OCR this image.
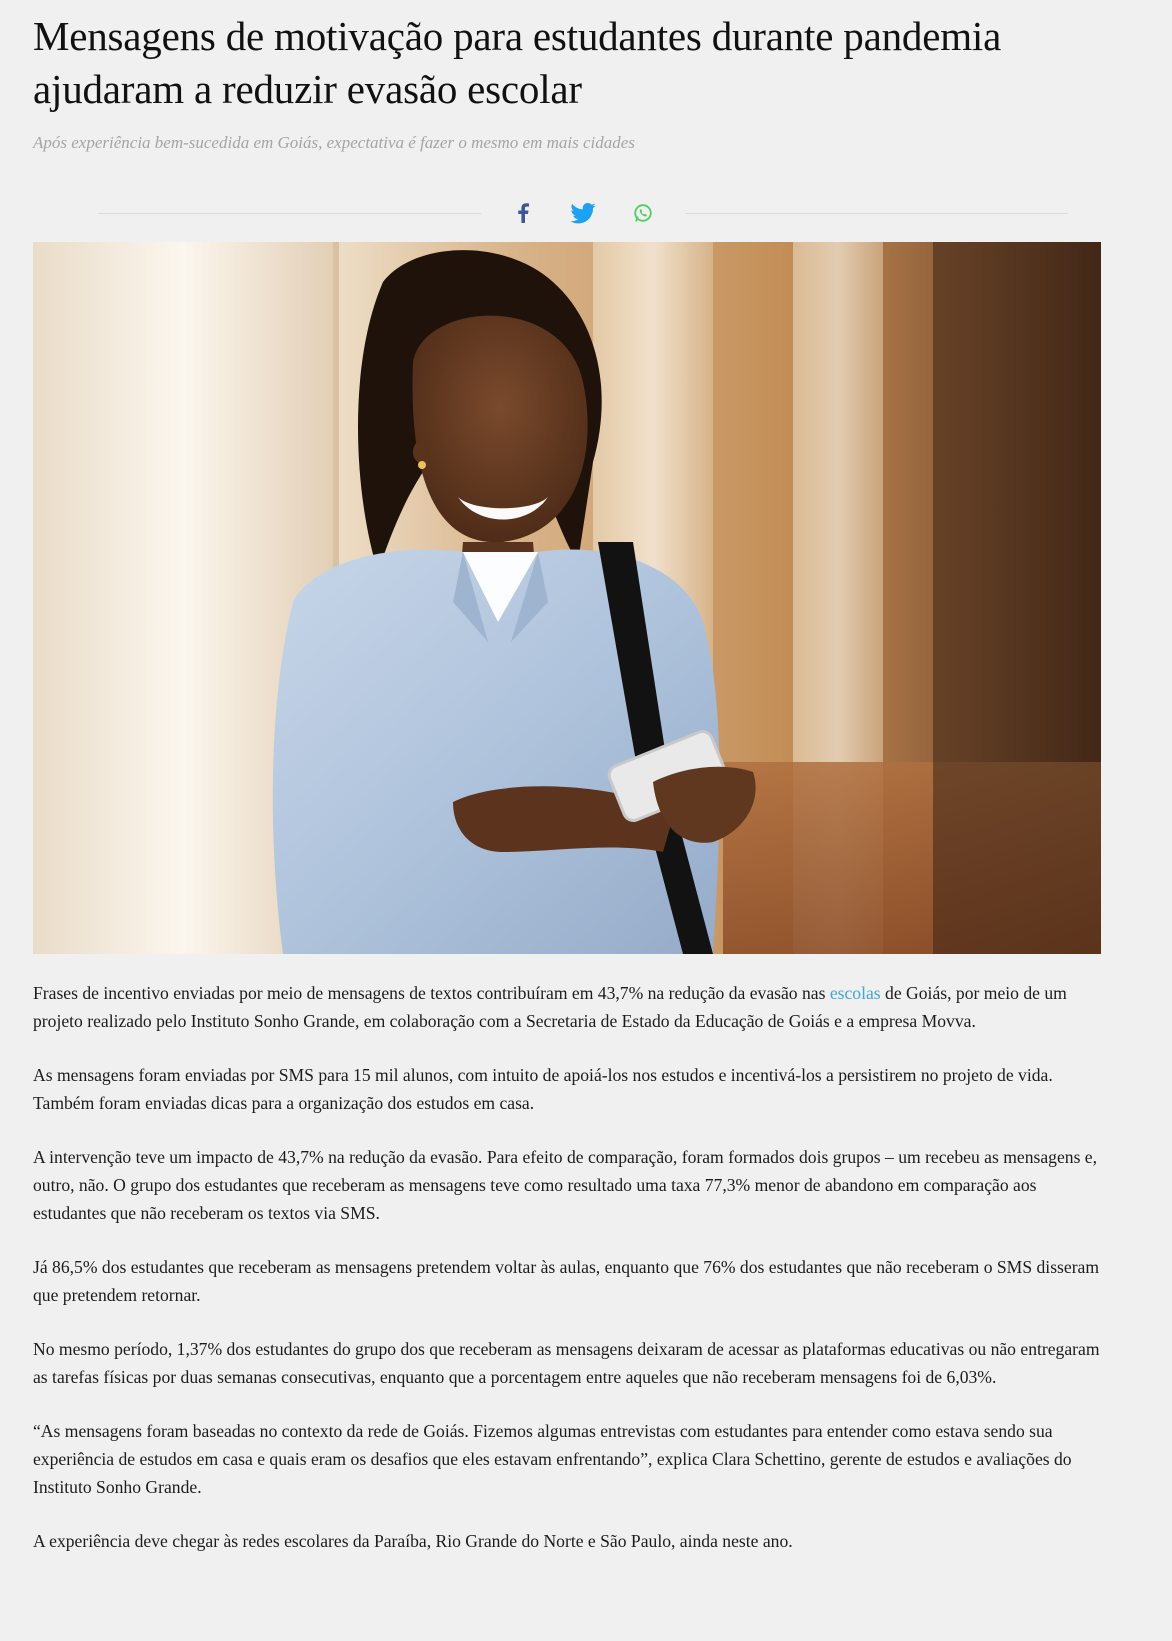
Mensagens de motivação para estudantes durante pandemia ajudaram a reduzir evasão escolar

Após experiência bem-sucedida em Goiás, expectativa é fazer o mesmo em mais cidades

Frases de incentivo enviadas por meio de mensagens de textos contribuíram em 43,7% na redução da evasão nas escolas de Goiás, por meio de um projeto realizado pelo Instituto Sonho Grande, em colaboração com a Secretaria de Estado da Educação de Goiás e a empresa Movva.

As mensagens foram enviadas por SMS para 15 mil alunos, com intuito de apoiá-los nos estudos e incentivá-los a persistirem no projeto de vida. Também foram enviadas dicas para a organização dos estudos em casa.

A intervenção teve um impacto de 43,7% na redução da evasão. Para efeito de comparação, foram formados dois grupos – um recebeu as mensagens e, outro, não. O grupo dos estudantes que receberam as mensagens teve como resultado uma taxa 77,3% menor de abandono em comparação aos estudantes que não receberam os textos via SMS.

Já 86,5% dos estudantes que receberam as mensagens pretendem voltar às aulas, enquanto que 76% dos estudantes que não receberam o SMS disseram que pretendem retornar.

No mesmo período, 1,37% dos estudantes do grupo dos que receberam as mensagens deixaram de acessar as plataformas educativas ou não entregaram as tarefas físicas por duas semanas consecutivas, enquanto que a porcentagem entre aqueles que não receberam mensagens foi de 6,03%.

“As mensagens foram baseadas no contexto da rede de Goiás. Fizemos algumas entrevistas com estudantes para entender como estava sendo sua experiência de estudos em casa e quais eram os desafios que eles estavam enfrentando”, explica Clara Schettino, gerente de estudos e avaliações do Instituto Sonho Grande.

A experiência deve chegar às redes escolares da Paraíba, Rio Grande do Norte e São Paulo, ainda neste ano.
